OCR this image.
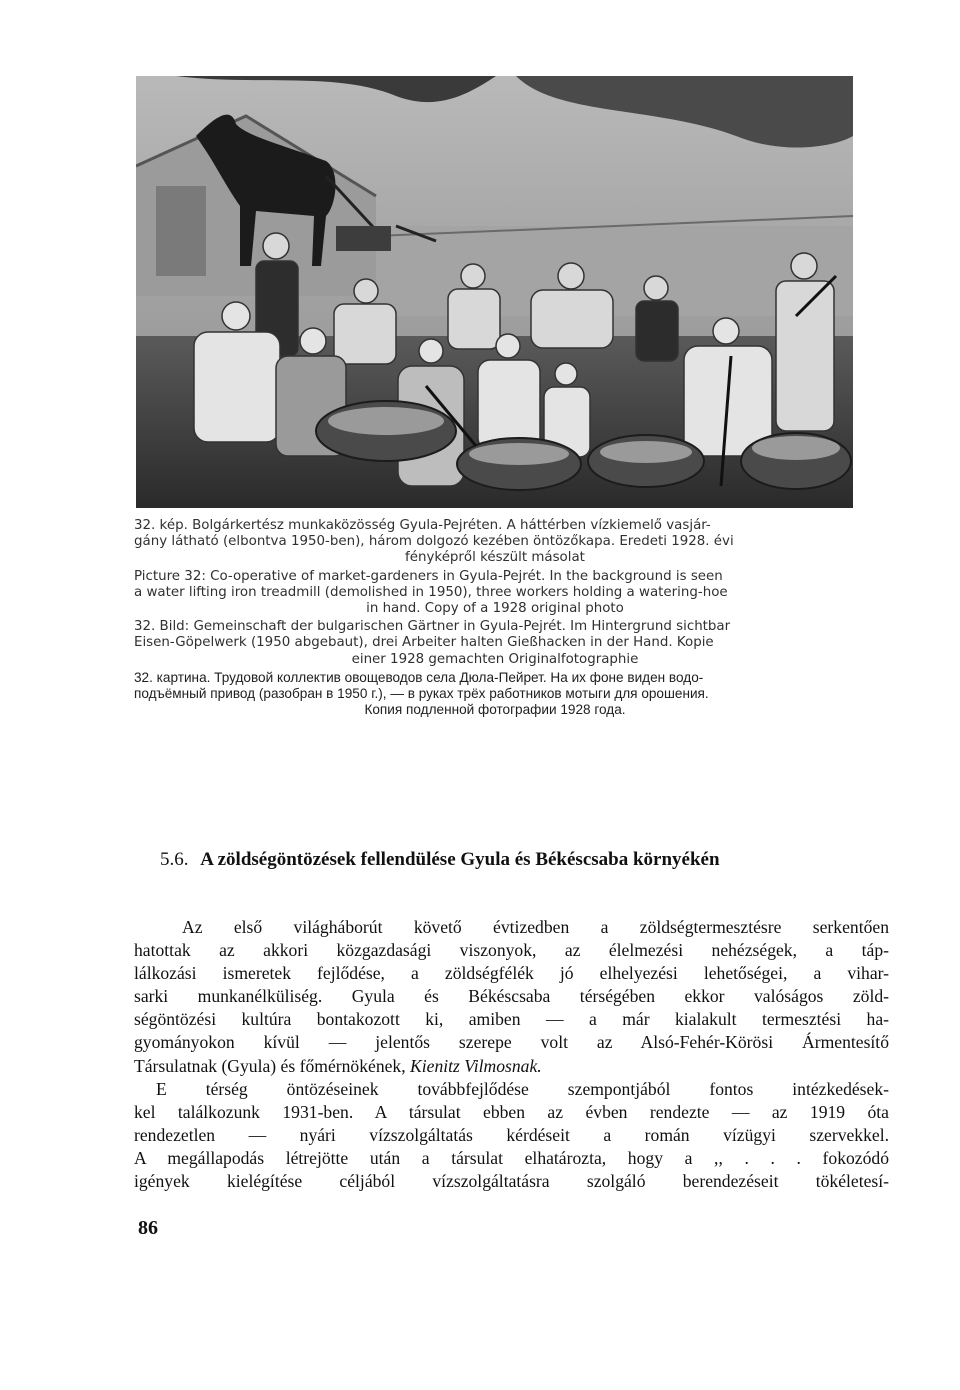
32. kép. Bolgárkertész munkaközösség Gyula-Pejréten. A háttérben vízkiemelő vasjár-

gány látható (elbontva 1950-ben), három dolgozó kezében öntözőkapa. Eredeti 1928. évi

fényképről készült másolat

Picture 32: Co-operative of market-gardeners in Gyula-Pejrét. In the background is seen

a water lifting iron treadmill (demolished in 1950), three workers holding a watering-hoe

in hand. Copy of a 1928 original photo

32. Bild: Gemeinschaft der bulgarischen Gärtner in Gyula-Pejrét. Im Hintergrund sichtbar

Eisen-Göpelwerk (1950 abgebaut), drei Arbeiter halten Gießhacken in der Hand. Kopie

einer 1928 gemachten Originalfotographie

32. картина. Трудовой коллектив овощеводов села Дюла-Пейрет. На их фоне виден водо-

подъёмный привод (разобран в 1950 г.), — в руках трёх работников мотыги для орошения.

Копия подленной фотографии 1928 года.

5.6. A zöldségöntözések fellendülése Gyula és Békéscsaba környékén
Az első világháborút követő évtizedben a zöldségtermesztésre serkentően
hatottak az akkori közgazdasági viszonyok, az élelmezési nehézségek, a táp-
lálkozási ismeretek fejlődése, a zöldségfélék jó elhelyezési lehetőségei, a vihar-
sarki munkanélküliség. Gyula és Békéscsaba térségében ekkor valóságos zöld-
ségöntözési kultúra bontakozott ki, amiben — a már kialakult termesztési ha-
gyományokon kívül — jelentős szerepe volt az Alsó-Fehér-Körösi Ármentesítő
Társulatnak (Gyula) és főmérnökének, Kienitz Vilmosnak.
E térség öntözéseinek továbbfejlődése szempontjából fontos intézkedések-
kel találkozunk 1931-ben. A társulat ebben az évben rendezte — az 1919 óta
rendezetlen — nyári vízszolgáltatás kérdéseit a román vízügyi szervekkel.
A megállapodás létrejötte után a társulat elhatározta, hogy a ,, . . . fokozódó
igények kielégítése céljából vízszolgáltatásra szolgáló berendezéseit tökéletesí-
86
